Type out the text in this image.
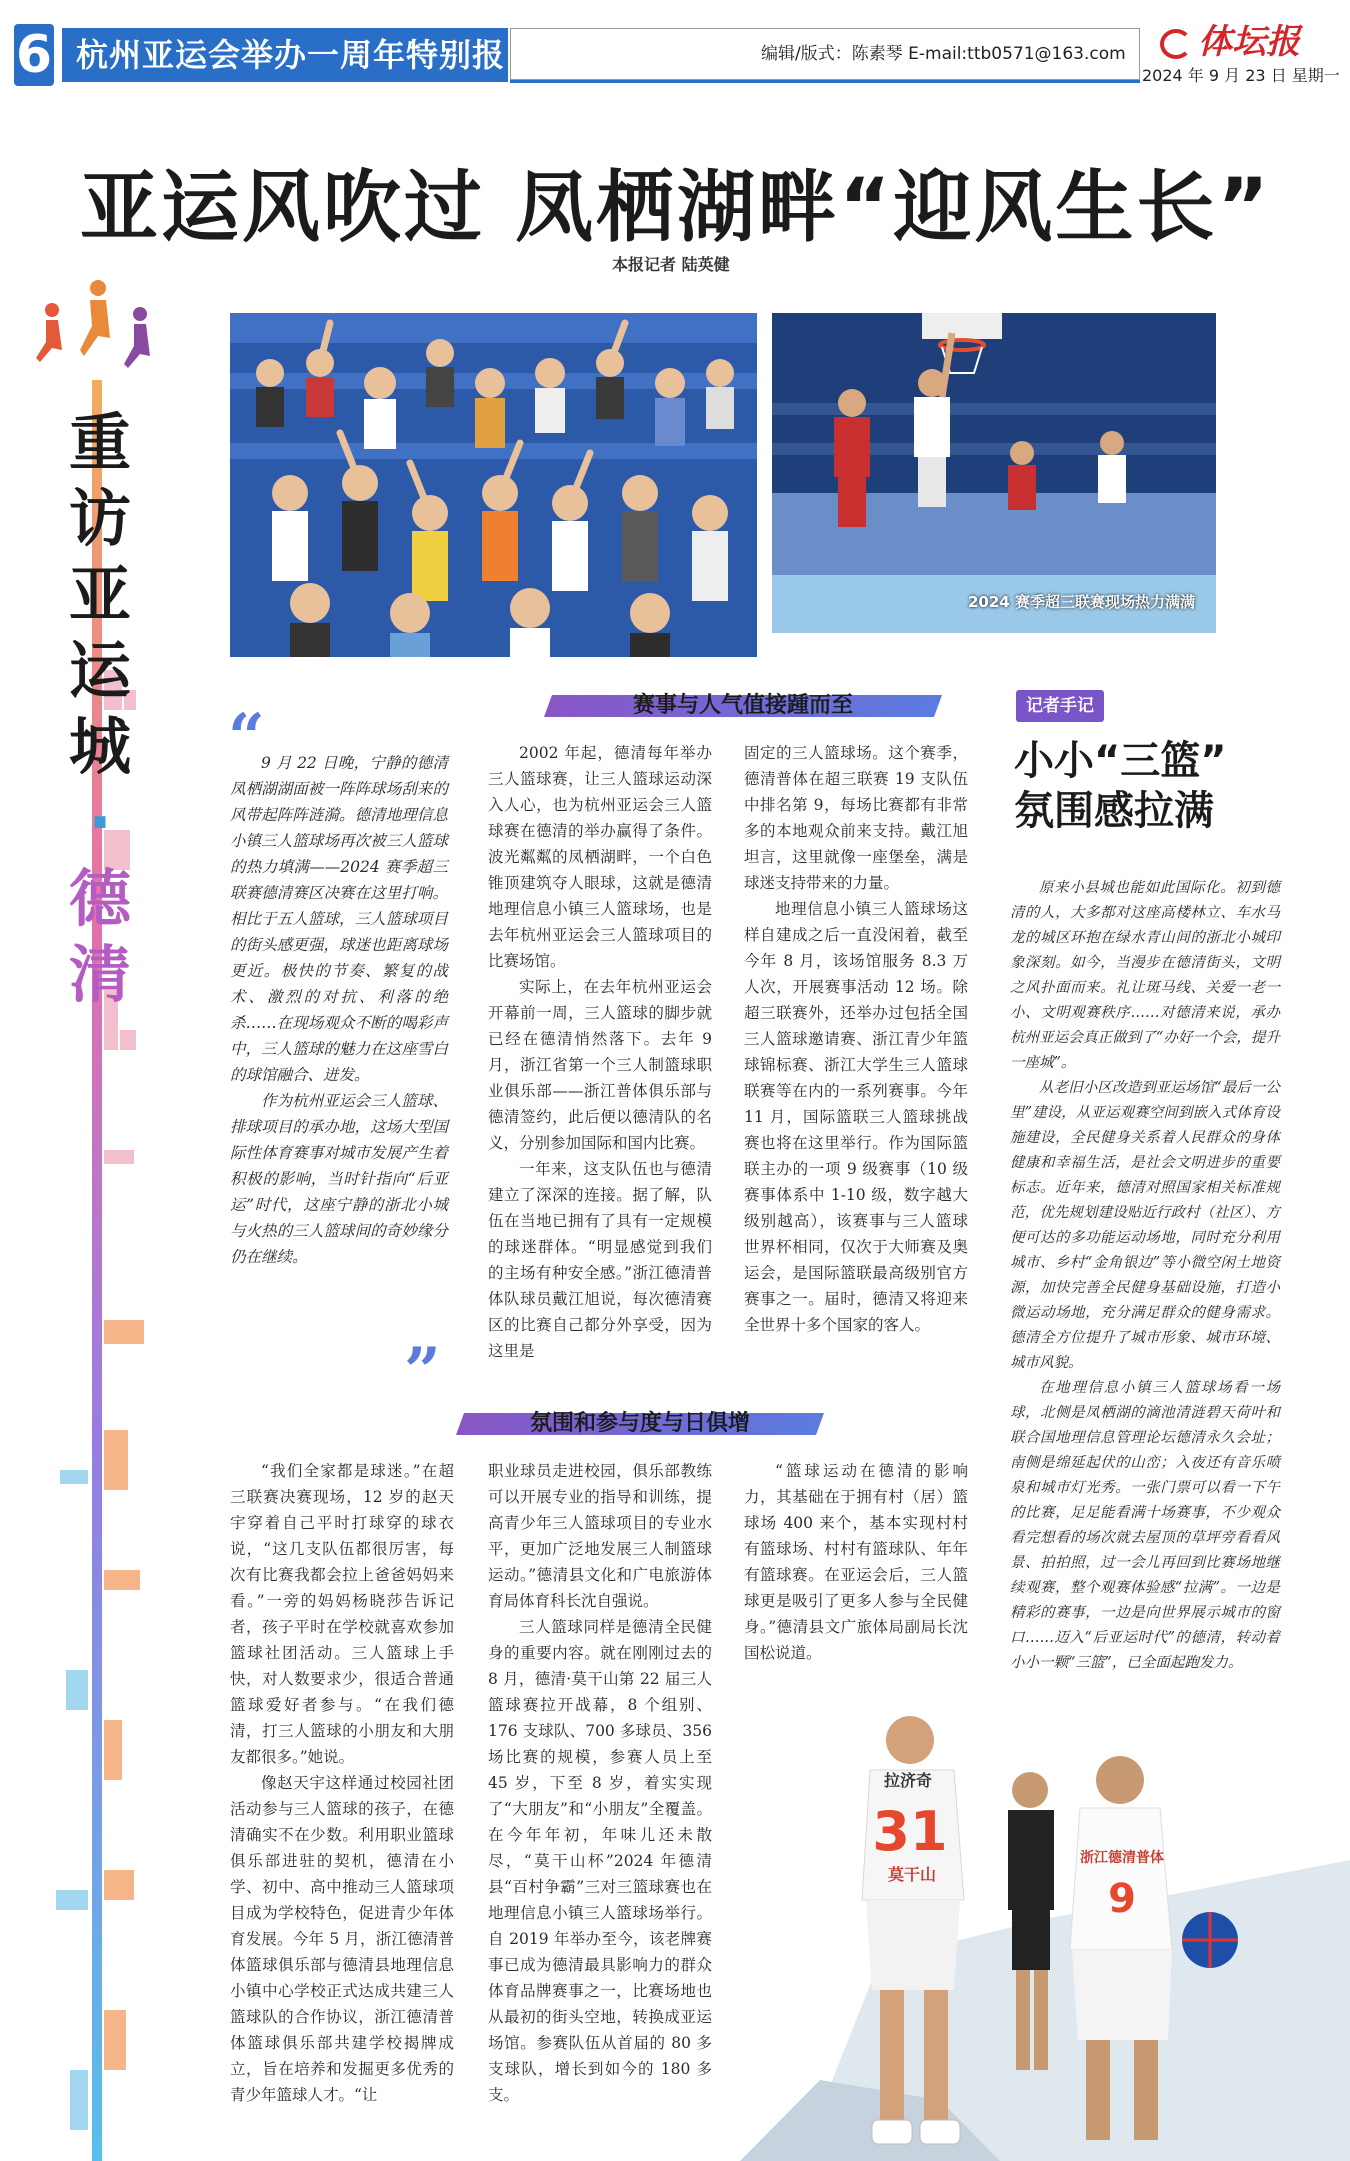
6 杭州亚运会举办一周年特别报道
编辑/版式：陈素琴 E-mail:ttb0571@163.com	体坛报
2024 年 9 月 23 日 星期一
亚运风吹过 凤栖湖畔“迎风生长”
本报记者 陆英健
重访亚运城·德清
2024 赛季超三联赛现场热力满满
赛事与人气值接踵而至
“

9 月 22 日晚，宁静的德清凤栖湖湖面被一阵阵球场刮来的风带起阵阵涟漪。德清地理信息小镇三人篮球场再次被三人篮球的热力填满——2024 赛季超三联赛德清赛区决赛在这里打响。相比于五人篮球，三人篮球项目的街头感更强，球迷也距离球场更近。极快的节奏、繁复的战术、激烈的对抗、利落的绝杀……在现场观众不断的喝彩声中，三人篮球的魅力在这座雪白的球馆融合、迸发。

作为杭州亚运会三人篮球、排球项目的承办地，这场大型国际性体育赛事对城市发展产生着积极的影响，当时针指向“后亚运”时代，这座宁静的浙北小城与火热的三人篮球间的奇妙缘分仍在继续。

”

2002 年起，德清每年举办三人篮球赛，让三人篮球运动深入人心，也为杭州亚运会三人篮球赛在德清的举办赢得了条件。波光粼粼的凤栖湖畔，一个白色锥顶建筑夺人眼球，这就是德清地理信息小镇三人篮球场，也是去年杭州亚运会三人篮球项目的比赛场馆。

实际上，在去年杭州亚运会开幕前一周，三人篮球的脚步就已经在德清悄然落下。去年 9 月，浙江省第一个三人制篮球职业俱乐部——浙江普体俱乐部与德清签约，此后便以德清队的名义，分别参加国际和国内比赛。

一年来，这支队伍也与德清建立了深深的连接。据了解，队伍在当地已拥有了具有一定规模的球迷群体。“明显感觉到我们的主场有种安全感。”浙江德清普体队球员戴江旭说，每次德清赛区的比赛自己都分外享受，因为这里是

固定的三人篮球场。这个赛季，德清普体在超三联赛 19 支队伍中排名第 9，每场比赛都有非常多的本地观众前来支持。戴江旭坦言，这里就像一座堡垒，满是球迷支持带来的力量。

地理信息小镇三人篮球场这样自建成之后一直没闲着，截至今年 8 月，该场馆服务 8.3 万人次，开展赛事活动 12 场。除超三联赛外，还举办过包括全国三人篮球邀请赛、浙江青少年篮球锦标赛、浙江大学生三人篮球联赛等在内的一系列赛事。今年 11 月，国际篮联三人篮球挑战赛也将在这里举行。作为国际篮联主办的一项 9 级赛事（10 级赛事体系中 1-10 级，数字越大级别越高），该赛事与三人篮球世界杯相同，仅次于大师赛及奥运会，是国际篮联最高级别官方赛事之一。届时，德清又将迎来全世界十多个国家的客人。

记者手记
小小“三篮”
氛围感拉满

原来小县城也能如此国际化。初到德清的人，大多都对这座高楼林立、车水马龙的城区环抱在绿水青山间的浙北小城印象深刻。如今，当漫步在德清街头，文明之风扑面而来。礼让斑马线、关爱一老一小、文明观赛秩序……对德清来说，承办杭州亚运会真正做到了“办好一个会，提升一座城”。

从老旧小区改造到亚运场馆“最后一公里”建设，从亚运观赛空间到嵌入式体育设施建设，全民健身关系着人民群众的身体健康和幸福生活，是社会文明进步的重要标志。近年来，德清对照国家相关标准规范，优先规划建设贴近行政村（社区）、方便可达的多功能运动场地，同时充分利用城市、乡村“金角银边”等小微空闲土地资源，加快完善全民健身基础设施，打造小微运动场地，充分满足群众的健身需求。德清全方位提升了城市形象、城市环境、城市风貌。

在地理信息小镇三人篮球场看一场球，北侧是凤栖湖的滴池清涟碧天荷叶和联合国地理信息管理论坛德清永久会址；南侧是绵延起伏的山峦；入夜还有音乐喷泉和城市灯光秀。一张门票可以看一下午的比赛，足足能看满十场赛事，不少观众看完想看的场次就去屋顶的草坪旁看看风景、拍拍照，过一会儿再回到比赛场地继续观赛，整个观赛体验感“拉满”。一边是精彩的赛事，一边是向世界展示城市的窗口……迈入“后亚运时代”的德清，转动着小小一颗“三篮”，已全面起跑发力。

氛围和参与度与日俱增

“我们全家都是球迷。”在超三联赛决赛现场，12 岁的赵天宇穿着自己平时打球穿的球衣说，“这几支队伍都很厉害，每次有比赛我都会拉上爸爸妈妈来看。”一旁的妈妈杨晓莎告诉记者，孩子平时在学校就喜欢参加篮球社团活动。三人篮球上手快，对人数要求少，很适合普通篮球爱好者参与。“在我们德清，打三人篮球的小朋友和大朋友都很多。”她说。

像赵天宇这样通过校园社团活动参与三人篮球的孩子，在德清确实不在少数。利用职业篮球俱乐部进驻的契机，德清在小学、初中、高中推动三人篮球项目成为学校特色，促进青少年体育发展。今年 5 月，浙江德清普体篮球俱乐部与德清县地理信息小镇中心学校正式达成共建三人篮球队的合作协议，浙江德清普体篮球俱乐部共建学校揭牌成立，旨在培养和发掘更多优秀的青少年篮球人才。“让

职业球员走进校园，俱乐部教练可以开展专业的指导和训练，提高青少年三人篮球项目的专业水平，更加广泛地发展三人制篮球运动。”德清县文化和广电旅游体育局体育科长沈自强说。

三人篮球同样是德清全民健身的重要内容。就在刚刚过去的 8 月，德清·莫干山第 22 届三人篮球赛拉开战幕，8 个组别、176 支球队、700 多球员、356 场比赛的规模，参赛人员上至 45 岁，下至 8 岁，着实实现了“大朋友”和“小朋友”全覆盖。在今年年初，年味儿还未散尽，“莫干山杯”2024 年德清县“百村争霸”三对三篮球赛也在地理信息小镇三人篮球场举行。自 2019 年举办至今，该老牌赛事已成为德清最具影响力的群众体育品牌赛事之一，比赛场地也从最初的街头空地，转换成亚运场馆。参赛队伍从首届的 80 多支球队，增长到如今的 180 多支。

“篮球运动在德清的影响力，其基础在于拥有村（居）篮球场 400 来个，基本实现村村有篮球场、村村有篮球队、年年有篮球赛。在亚运会后，三人篮球更是吸引了更多人参与全民健身。”德清县文广旅体局副局长沈国松说道。

拉济奇
31
莫干山
浙江德清普体
9
